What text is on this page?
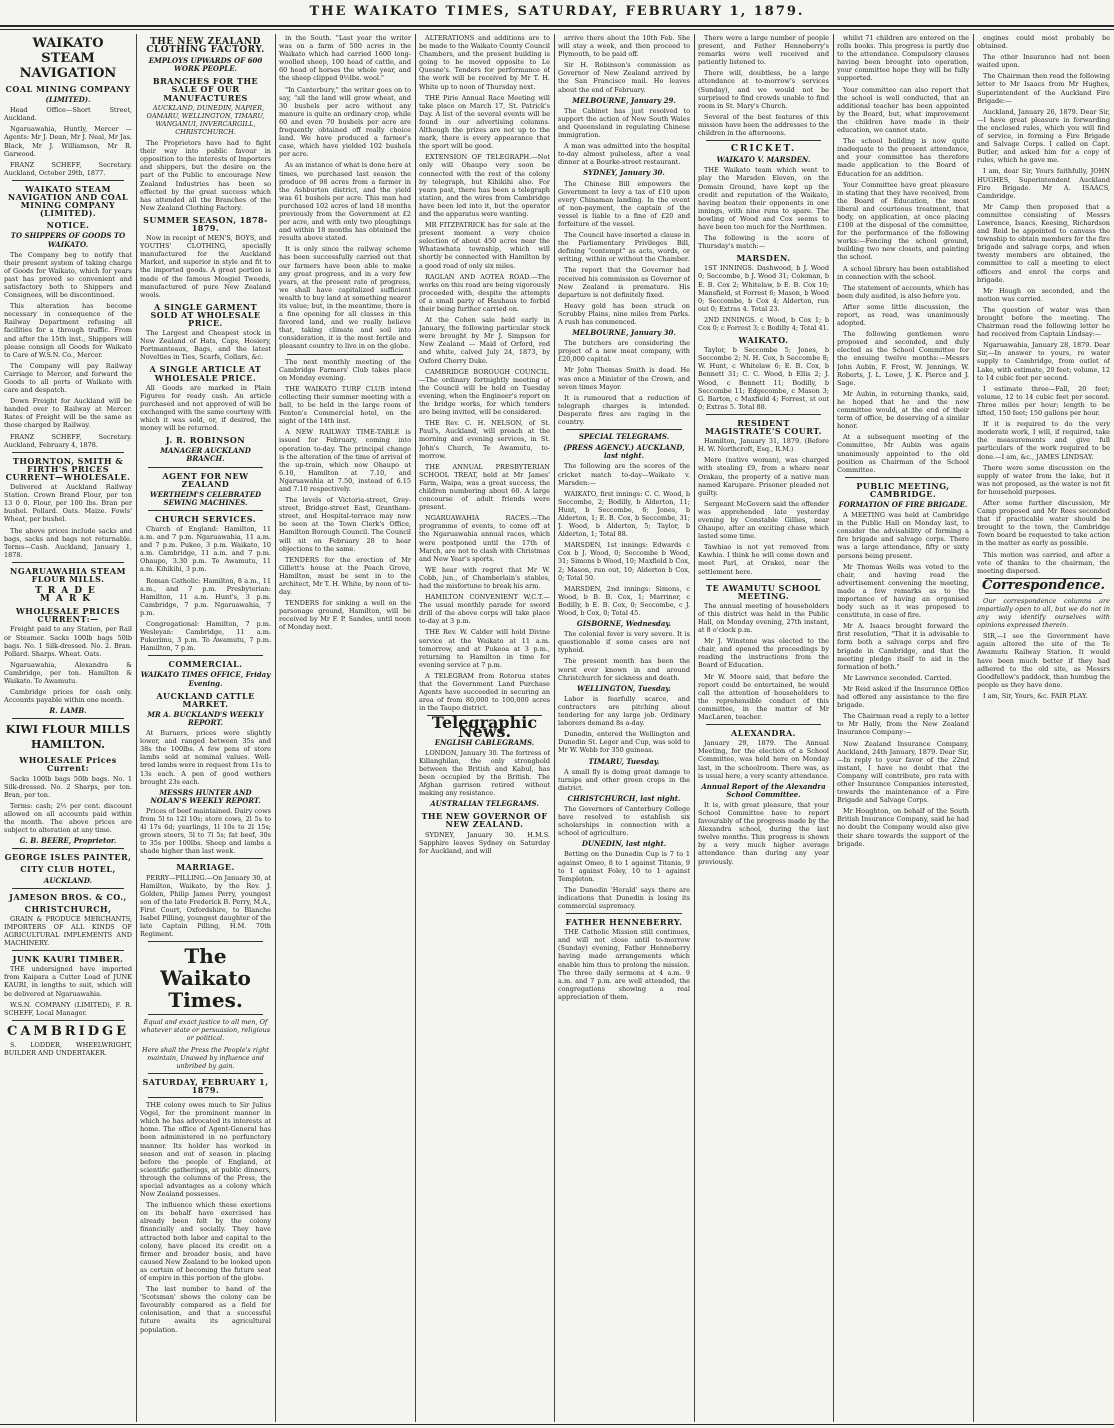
THE WAIKATO TIMES, SATURDAY, FEBRUARY 1, 1879.
WAIKATO STEAM NAVIGATION
COAL MINING COMPANY
(LIMITED).

Head Office—Short Street, Auckland.

Ngaruawahia, Huntly, Mercer — Agents: Mr J. Dean, Mr J. Neal, Mr Jas. Black, Mr J. Williamson, Mr R. Garwood.

FRANZ SCHEFF, Secretary. Auckland, October 29th, 1877.

WAIKATO STEAM NAVIGATION AND COAL MINING COMPANY (LIMITED).
NOTICE.
TO SHIPPERS OF GOODS TO WAIKATO.

The Company beg to notify that their present system of taking charge of Goods for Waikato, which for years past has proved so convenient and satisfactory both to Shippers and Consignees, will be discontinued.

This alteration has become necessary in consequence of the Railway Department refusing all facilities for a through traffic. From and after the 15th inst., Shippers will please consign all Goods for Waikato to Care of W.S.N. Co., Mercer.

The Company will pay Railway Carriage to Mercer, and forward the Goods to all ports of Waikato with care and despatch.

Down Freight for Auckland will be handed over to Railway at Mercer. Rates of Freight will be the same as those charged by Railway.

FRANZ SCHEFF, Secretary. Auckland, February 4, 1878.

THORNTON, SMITH & FIRTH'S PRICES CURRENT—WHOLESALE.

Delivered at Auckland Railway Station. Crown Brand Flour, per ton 13 0 0. Flour, per 100 lbs. Bran per bushel. Pollard. Oats. Maize. Fowls' Wheat, per bushel.

The above prices include sacks and bags, sacks and bags not returnable. Terms—Cash. Auckland, January 1, 1878.

NGARUAWAHIA STEAM FLOUR MILLS.
TRADE MARK
WHOLESALE PRICES CURRENT:—

Freight paid to any Station, per Rail or Steamer. Sacks 100lb bags 50lb bags. No. 1 Silk-dressed. No. 2. Bran. Pollard. Sharps. Wheat. Oats.

Ngaruawahia, Alexandra & Cambridge, per ton. Hamilton & Waikato. Te Awamutu.

Cambridge prices for cash only. Accounts payable within one month.

R. LAMB.
KIWI FLOUR MILLS HAMILTON.
WHOLESALE Prices Current:

Sacks 100lb bags 50lb bags. No. 1 Silk-dressed. No. 2 Sharps, per ton. Bran, per ton.

Terms: cash; 2½ per cent. discount allowed on all accounts paid within the month. The above prices are subject to alteration at any time.

G. B. BEERE, Proprietor.
GEORGE ISLES PAINTER,
CITY CLUB HOTEL,
AUCKLAND.
JAMESON BROS. & CO.,
CHRISTCHURCH,

GRAIN & PRODUCE MERCHANTS, IMPORTERS OF ALL KINDS OF AGRICULTURAL IMPLEMENTS AND MACHINERY.

JUNK KAURI TIMBER.

THE undersigned have imported from Kaipara a Cutter Load of JUNK KAURI, in lengths to suit, which will be delivered at Ngaruawahia.

W.S.N. COMPANY (LIMITED), F. R. SCHEFF, Local Manager.

CAMBRIDGE

S. LODDER, WHEELWRIGHT, BUILDER AND UNDERTAKER.

THE NEW ZEALAND CLOTHING FACTORY.
EMPLOYS UPWARDS OF 600 WORK PEOPLE.
BRANCHES FOR THE SALE OF OUR MANUFACTURES

AUCKLAND, DUNEDIN, NAPIER, OAMARU, WELLINGTON, TIMARU, WANGANUI, INVERCARGILL, CHRISTCHURCH.

The Proprietors have had to fight their way into public favour in opposition to the interests of Importers and shippers, but the desire on the part of the Public to encourage New Zealand Industries has been so effected by the great success which has attended all the Branches of the New Zealand Clothing Factory.

SUMMER SEASON, 1878-1879.

Now in receipt of MEN'S, BOYS, and YOUTHS' CLOTHING, specially manufactured for the Auckland Market, and superior in style and fit to the imported goods. A great portion is made of the famous Mosgiel Tweeds, manufactured of pure New Zealand wools.

A SINGLE GARMENT SOLD AT WHOLESALE PRICE.

The Largest and Cheapest stock in New Zealand of Hats, Caps, Hosiery, Portmanteaux, Bags, and the latest Novelties in Ties, Scarfs, Collars, &c.

A SINGLE ARTICLE AT WHOLESALE PRICE.

All Goods are marked in Plain Figures for ready cash. An article purchased and not approved of will be exchanged with the same courtesy with which it was sold, or, if desired, the money will be returned.

J. R. ROBINSON
MANAGER AUCKLAND BRANCH.
AGENT FOR NEW ZEALAND
WERTHEIM'S CELEBRATED SEWING MACHINES.
CHURCH SERVICES.

Church of England: Hamilton, 11 a.m. and 7 p.m. Ngaruawahia, 11 a.m. and 7 p.m. Pukeo, 3 p.m. Waikato, 10 a.m. Cambridge, 11 a.m. and 7 p.m. Ohaupo, 3.30 p.m. Te Awamutu, 11 a.m. Kihikihi, 3 p.m.

Roman Catholic: Hamilton, 8 a.m., 11 a.m., and 7 p.m. Presbyterian: Hamilton, 11 a.m. Hunt's, 3 p.m. Cambridge, 7 p.m. Ngaruawahia, 7 p.m.

Congregational: Hamilton, 7 p.m. Wesleyan: Cambridge, 11 a.m. Pukerimu, 3 p.m. To Awamutu, 7 p.m. Hamilton, 7 p.m.

COMMERCIAL.
WAIKATO TIMES OFFICE, Friday Evening.
AUCKLAND CATTLE MARKET.
MR A. BUCKLAND'S WEEKLY REPORT.

At Buruers, prices were slightly lower, and ranged between 35s and 38s the 100lbs. A few pens of store lambs sold at nominal values. Well-bred lambs were in request from 11s to 13s each. A pen of good wethers brought 23s each.

MESSRS HUNTER AND NOLAN'S WEEKLY REPORT.

Prices of beef maintained. Dairy cows from 5l to 12l 10s; store cows, 2l 5s to 4l 17s 6d; yearlings, 1l 10s to 2l 15s; grown steers, 5l to 7l 5s; fat beef, 30s to 35s per 100lbs. Sheep and lambs a shade higher than last week.

MARRIAGE.

PERRY—PILLING.—On January 30, at Hamilton, Waikato, by the Rev. J. Golden, Philip James Perry, youngest son of the late Frederick B. Perry, M.A., First Court, Oxfordshire, to Blanche Isabel Pilling, youngest daughter of the late Captain Pilling, H.M. 70th Regiment.

The Waikato Times.

Equal and exact justice to all men, Of whatever state or persuasion, religious or political.

Here shall the Press the People's right maintain, Unawed by influence and unbribed by gain.

SATURDAY, FEBRUARY 1, 1879.

THE colony owes much to Sir Julius Vogel, for the prominent manner in which he has advocated its interests at home. The office of Agent-General has been administered in no perfunctory manner. Its holder has worked in season and out of season in placing before the people of England, at scientific gatherings, at public dinners, through the columns of the Press, the special advantages as a colony which New Zealand possesses.

The influence which these exertions on its behalf have exercised has already been felt by the colony financially and socially. They have attracted both labor and capital to the colony, have placed its credit on a firmer and broader basis, and have caused New Zealand to be looked upon as certain of becoming the future seat of empire in this portion of the globe.

The last number to hand of the 'Scotsman' shows the colony can be favourably compared as a field for colonisation, and that a successful future awaits its agricultural population.

in the South. "Last year the writer was on a farm of 500 acres in the Waikato which had carried 1600 long-woolled sheep, 100 head of cattle, and 60 head of horses the whole year, and the sheep clipped 9½lbs. wool."

"In Canterbury," the writer goes on to say, "all the land will grow wheat, and 30 bushels per acre without any manure is quite an ordinary crop, while 60 and even 70 bushels per acre are frequently obtained off really choice land. We have produced a farmer's case, which have yielded 102 bushels per acre.

As an instance of what is done here at times, we purchased last season the produce of 98 acres from a farmer in the Ashburton district, and the yield was 61 bushels per acre. This man had purchased 102 acres of land 18 months previously from the Government at £2 per acre, and with only two ploughings and within 18 months has obtained the results above stated.

It is only since the railway scheme has been successfully carried out that our farmers have been able to make any great progress, and in a very few years, at the present rate of progress, we shall have capitalized sufficient wealth to buy land at something nearer its value; but, in the meantime, there is a fine opening for all classes in this favored land, and we really believe that, taking climate and soil into consideration, it is the most fertile and pleasant country to live in on the globe.

The next monthly meeting of the Cambridge Farmers' Club takes place on Monday evening.

THE WAIKATO TURF CLUB intend collecting their summer meeting with a ball, to be held in the large room of Fenton's Commercial hotel, on the night of the 14th inst.

A NEW RAILWAY TIME-TABLE is issued for February, coming into operation to-day. The principal change is the alteration of the time of arrival of the up-train, which now Ohaupo at 6.10, Hamilton at 7.10, and Ngaruawahia at 7.50, instead of 6.15 and 7.10 respectively.

The levels of Victoria-street, Grey-street, Bridge-street East, Grantham-street, and Hospital-terrace may now be seen at the Town Clerk's Office, Hamilton Borough Council. The Council will sit on February 28 to hear objections to the same.

TENDERS for the erection of Mr Gillett's house at the Peach Grove, Hamilton, must be sent in to the architect, Mr T. H. White, by noon of to-day.

TENDERS for sinking a well on the parsonage ground, Hamilton, will be received by Mr F. P. Sandes, until noon of Monday next.

ALTERATIONS and additions are to be made to the Waikato County Council Chambers, and the present building is going to be moved opposite to Le Quesne's. Tenders for performance of the work will be received by Mr T. H. White up to noon of Thursday next.

THE Pirie Annual Race Meeting will take place on March 17, St. Patrick's Day. A list of the several events will be found in our advertising columns. Although the prizes are not up to the mark, there is every appearance that the sport will be good.

EXTENSION OF TELEGRAPH.—Not only will Ohaupo very soon be connected with the rest of the colony by telegraph, but Kihikihi also. For years past, there has been a telegraph station, and the wires from Cambridge have been led into it, but the operator and the apparatus were wanting.

MR FITZPATRICK has for sale at the present moment a very choice selection of about 450 acres near the Whatawhata township, which will shortly be connected with Hamilton by a good road of only six miles.

RAGLAN AND AOTEA ROAD.—The works on this road are being vigorously proceeded with, despite the attempts of a small party of Hauhaus to forbid their being further carried on.

At the Cohen sale held early in January, the following particular stock were brought by Mr J. Simpson for New Zealand — Maid of Orford, red and white, calved July 24, 1873, by Oxford Cherry Duke.

CAMBRIDGE BOROUGH COUNCIL.—The ordinary fortnightly meeting of the Council will be held on Tuesday evening, when the Engineer's report on the bridge works, for which tenders are being invited, will be considered.

THE Rev. C. H. NELSON, of St. Paul's, Auckland, will preach at the morning and evening services, in St. John's Church, Te Awamutu, to-morrow.

THE ANNUAL PRESBYTERIAN SCHOOL TREAT, held at Mr James' Farm, Waipa, was a great success, the children numbering about 60. A large concourse of adult friends were present.

NGARUAWAHIA RACES.—The programme of events, to come off at the Ngaruawahia annual races, which were postponed until the 17th of March, are not to clash with Christmas and New Year's sports.

WE hear with regret that Mr W. Cobb, jun., of Chamberlain's stables, had the misfortune to break his arm.

HAMILTON CONVENIENT W.C.T.—The usual monthly parade for sword drill of the above corps will take place to-day at 3 p.m.

THE Rev. W. Calder will hold Divine service at the Waikato at 11 a.m. tomorrow, and at Pukeoa at 3 p.m., returning to Hamilton in time for evening service at 7 p.m.

A TELEGRAM from Rotorua states that the Government Land Purchase Agents have succeeded in securing an area of from 80,000 to 100,000 acres in the Taupo district.

Telegraphic News.
ENGLISH CABLEGRAMS.

LONDON, January 30. The fortress of Killanghilan, the only stronghold between the British and Kabul, has been occupied by the British. The Afghan garrison retired without making any resistance.

AUSTRALIAN TELEGRAMS.
THE NEW GOVERNOR OF NEW ZEALAND.

SYDNEY, January 30. H.M.S. Sapphire leaves Sydney on Saturday for Auckland, and will

arrive there about the 10th Feb. She will stay a week, and then proceed to Plymouth, to be paid off.

Sir H. Robinson's commission as Governor of New Zealand arrived by the San Francisco mail. He leaves about the end of February.

MELBOURNE, January 29.

The Cabinet has just resolved to support the action of New South Wales and Queensland in regulating Chinese immigration.

A man was admitted into the hospital to-day almost pulseless, after a veal dinner at a Bourke-street restaurant.

SYDNEY, January 30.

The Chinese Bill empowers the Government to levy a tax of £10 upon every Chinaman landing. In the event of non-payment, the captain of the vessel is liable to a fine of £20 and forfeiture of the vessel.

The Council have inserted a clause in the Parliamentary Privileges Bill, defining "contempt" as acts, words, or writing, within or without the Chamber.

The report that the Governor had received his commission as Governor of New Zealand is premature. His departure is not definitely fixed.

Heavy gold has been struck on Scrubby Plains, nine miles from Parks. A rush has commenced.

MELBOURNE, January 30.

The butchers are considering the project of a new meat company, with £20,000 capital.

Mr John Thomas Smith is dead. He was once a Minister of the Crown, and seven times Mayor.

It is rumoured that a reduction of telegraph charges is intended. Desperate fires are raging in the country.

SPECIAL TELEGRAMS.
(PRESS AGENCY.) AUCKLAND, last night.

The following are the scores of the cricket match to-day—Waikato v. Marsden:—

WAIKATO, first innings: C. C. Wood, b Seccombe, 2; Bodilly, b Alderton, 11; Hunt, b Seccombe, 6; Jones, b Alderton, 1; E. B. Cox, b Seccombe, 31; J. Wood, b Alderton, 5; Taylor, b Alderton, 1; Total 88.

MARSDEN, 1st innings: Edwards c Cox b J. Wood, 0; Seccombe b Wood, 31; Simons b Wood, 10; Maxfield b Cox, 2; Mason, run out, 10; Alderton b Cox, 0; Total 50.

MARSDEN, 2nd innings: Simons, c Wood, b B. B. Cox, 1; Marriner, c Bodilly, b E. B. Cox, 0; Seccombe, c J. Wood, b Cox, 0; Total 45.

GISBORNE, Wednesday.

The colonial fever is very severe. It is questionable if some cases are not typhoid.

The present month has been the worst ever known in and around Christchurch for sickness and death.

WELLINGTON, Tuesday.

Labor is fearfully scarce, and contractors are pitching about tendering for any large job. Ordinary laborers demand 8s a-day.

Dunedin, entered the Wellington and Dunedin St. Leger and Cup, was sold to Mr W. Webb for 350 guineas.

TIMARU, Tuesday.

A small fly is doing great damage to turnips and other green crops in the district.

CHRISTCHURCH, last night.

The Governors of Canterbury College have resolved to establish six scholarships in connection with a school of agriculture.

DUNEDIN, last night.

Betting on the Dunedin Cup is 7 to 1 against Omeo, 8 to 1 against Titania, 9 to 1 against Foley, 10 to 1 against Templeton.

The Dunedin 'Herald' says there are indications that Dunedin is losing its commercial supremacy.

FATHER HENNEBERRY.

THE Catholic Mission still continues, and will not close until to-morrow (Sunday) evening, Father Henneberry having made arrangements which enable him thus to prolong the mission. The three daily sermons at 4 a.m. 9 a.m. and 7 p.m. are well attended, the congregations showing a real appreciation of them.

There were a large number of people present, and Father Henneberry's remarks were well received and patiently listened to.

There will, doubtless, be a large attendance at to-morrow's services (Sunday), and we would not be surprised to find crowds unable to find room in St. Mary's Church.

Several of the best features of this mission have been the addresses to the children in the afternoons.

CRICKET.
WAIKATO V. MARSDEN.

THE Waikato team which went to play the Marsden Eleven, on the Domain Ground, have kept up the credit and reputation of the Waikato, having beaten their opponents in one innings, with nine runs to spare. The bowling of Wood and Cox seems to have been too much for the Northmen.

The following is the score of Thursday's match:—

MARSDEN.

1ST INNINGS. Dashwood, b J. Wood 0; Seccombe, b J. Wood 31; Coleman, b E. B. Cox 2; Whitelaw, b E. B. Cox 10; Mansfield, st Forrest 6; Mason, b Wood 0; Seccombe, b Cox 4; Alderton, run out 0; Extras 4. Total 23.

2ND INNINGS. c Wood, b Cox 1; b Cox 0; c Forrest 3; c Bodilly 4; Total 41.

WAIKATO.

Taylor, b Seccombe 5; Jones, b Seccombe 2; N. H. Cox, b Seccombe 8; W. Hunt, c Whitelaw 6; E. B. Cox, b Bennett 31; C. C. Wood, b Ellis 2; J. Wood, c Bennett 11; Bodilly, b Seccombe 11; Edgecombe, c Mason 3; G. Barton, c Maxfield 4; Forrest, st out 0; Extras 5. Total 88.

RESIDENT MAGISTRATE'S COURT.

Hamilton, January 31, 1879. (Before H. W. Northcroft, Esq., R.M.)

Mere (native woman), was charged with stealing £9, from a whare near Orakau, the property of a native man named Karupare. Prisoner pleaded not guilty.

Sergeant McGovern said the offender was apprehended late yesterday evening by Constable Gillies, near Ohaupo, after an exciting chase which lasted some time.

Tawhiao is not yet removed from Kawhia. I think he will come down and meet Parl, at Orakei, near the settlement here.

TE AWAMUTU SCHOOL MEETING.

The annual meeting of householders of this district was held in the Public Hall, on Monday evening, 27th instant, at 8 o'clock p.m.

Mr J. Winstone was elected to the chair, and opened the proceedings by reading the instructions from the Board of Education.

Mr W. Moore said, that before the report could be entertained, he would call the attention of householders to the reprehensible conduct of this committee, in the matter of Mr MacLaren, teacher.

ALEXANDRA.

January 29, 1879. The Annual Meeting, for the election of a School Committee, was held here on Monday last, in the schoolroom. There was, as is usual here, a very scanty attendance.

Annual Report of the Alexandra School Committee.

It is, with great pleasure, that your School Committee have to report favourably of the progress made by the Alexandra school, during the last twelve months. This progress is shown by a very much higher average attendance than during any year previously.

whilst 71 children are entered on the rolls books. This progress is partly due to the attendance. Compulsory clauses having been brought into operation, your committee hope they will be fully supported.

Your committee can also report that the school is well conducted, that an additional teacher has been appointed by the Board, but, what improvement the children have made in their education, we cannot state.

The school building is now quite inadequate to the present attendance, and your committee has therefore made application to the Board of Education for an addition.

Your Committee have great pleasure in stating that they have received, from the Board of Education, the most liberal and courteous treatment, that body, on application, at once placing £100 at the disposal of the committee, for the performance of the following works:—Fencing the school ground, building two new closets, and painting the school.

A school library has been established in connection with the school.

The statement of accounts, which has been duly audited, is also before you.

After some little discussion, the report, as read, was unanimously adopted.

The following gentlemen were proposed and seconded, and duly elected as the School Committee for the ensuing twelve months:—Messrs John Aubin, F. Frost, W. Jennings, W. Roberts, J. L. Lowe, J. K. Pierce and J. Sage.

Mr Aubin, in returning thanks, said, he hoped that he and the new committee would, at the end of their term of office, be deserving of a similar honor.

At a subsequent meeting of the Committee, Mr Aubin was again unanimously appointed to the old position as Chairman of the School Committee.

PUBLIC MEETING, CAMBRIDGE.
FORMATION OF FIRE BRIGADE.

A MEETING was held at Cambridge in the Public Hall on Monday last, to consider the advisability of forming a fire brigade and salvage corps. There was a large attendance, fifty or sixty persons being present.

Mr Thomas Wells was voted to the chair, and having read the advertisement convening the meeting, made a few remarks as to the importance of having an organised body such as it was proposed to constitute, in case of fire.

Mr A. Isaacs brought forward the first resolution, "That it is advisable to form both a salvage corps and fire brigade in Cambridge, and that the meeting pledge itself to aid in the formation of both."

Mr Lawrence seconded. Carried.

Mr Reid asked if the Insurance Office had offered any assistance to the fire brigade.

The Chairman read a reply to a letter to Mr Hally, from the New Zealand Insurance Company:—

New Zealand Insurance Company, Auckland, 24th January, 1879. Dear Sir,—In reply to your favor of the 22nd instant, I have no doubt that the Company will contribute, pro rata with other Insurance Companies interested, towards the maintenance of a Fire Brigade and Salvage Corps.

Mr Houghton, on behalf of the South British Insurance Company, said he had no doubt the Company would also give their share towards the support of the brigade.

engines could most probably be obtained.

The other Insurance had not been waited upon.

The Chairman then read the following letter to Mr Isaacs from Mr Hughes, Superintendent of the Auckland Fire Brigade:—

Auckland, January 26, 1879. Dear Sir,—I have great pleasure in forwarding the enclosed rules, which you will find of service, in forming a Fire Brigade and Salvage Corps. I called on Capt. Butler, and asked him for a copy of rules, which he gave me.

I am, dear Sir, Yours faithfully, JOHN HUGHES, Superintendent Auckland Fire Brigade. Mr A. ISAACS, Cambridge.

Mr Camp then proposed that a committee consisting of Messrs Lawrence, Isaacs, Keesing, Richardson and Reid be appointed to canvass the township to obtain members for the fire brigade and salvage corps, and when twenty members are obtained, the committee to call a meeting to elect officers and enrol the corps and brigade.

Mr Hough on seconded, and the motion was carried.

The question of water was then brought before the meeting. The Chairman read the following letter he had received from Captain Lindsay:—

Ngaruawahia, January 28, 1879. Dear Sir,—In answer to yours, re water supply to Cambridge, from outlet of Lake, with estimate, 20 feet; volume, 12 to 14 cubic feet per second.

I estimate three—Fall, 20 feet; volume, 12 to 14 cubic feet per second. Three miles per hour; length to be lifted, 150 feet; 150 gallons per hour.

If it is required to do the very moderate work, I will, if required, take the measurements and give full particulars of the work required to be done.—I am, &c., JAMES LINDSAY.

There were some discussion on the supply of water from the lake, but it was not proposed, as the water is not fit for household purposes.

After some further discussion, Mr Camp proposed and Mr Rees seconded that if practicable water should be brought to the town, the Cambridge Town board be requested to take action in the matter as early as possible.

This motion was carried, and after a vote of thanks to the chairman, the meeting dispersed.

Correspondence.

Our correspondence columns are impartially open to all, but we do not in any way identify ourselves with opinions expressed therein.

SIR,—I see the Government have again altered the site of the Te Awamutu Railway Station. It would have been much better if they had adhered to the old site, as Messrs Goodfellow's paddock, than humbug the people as they have done.

I am, Sir, Yours, &c. FAIR PLAY.
